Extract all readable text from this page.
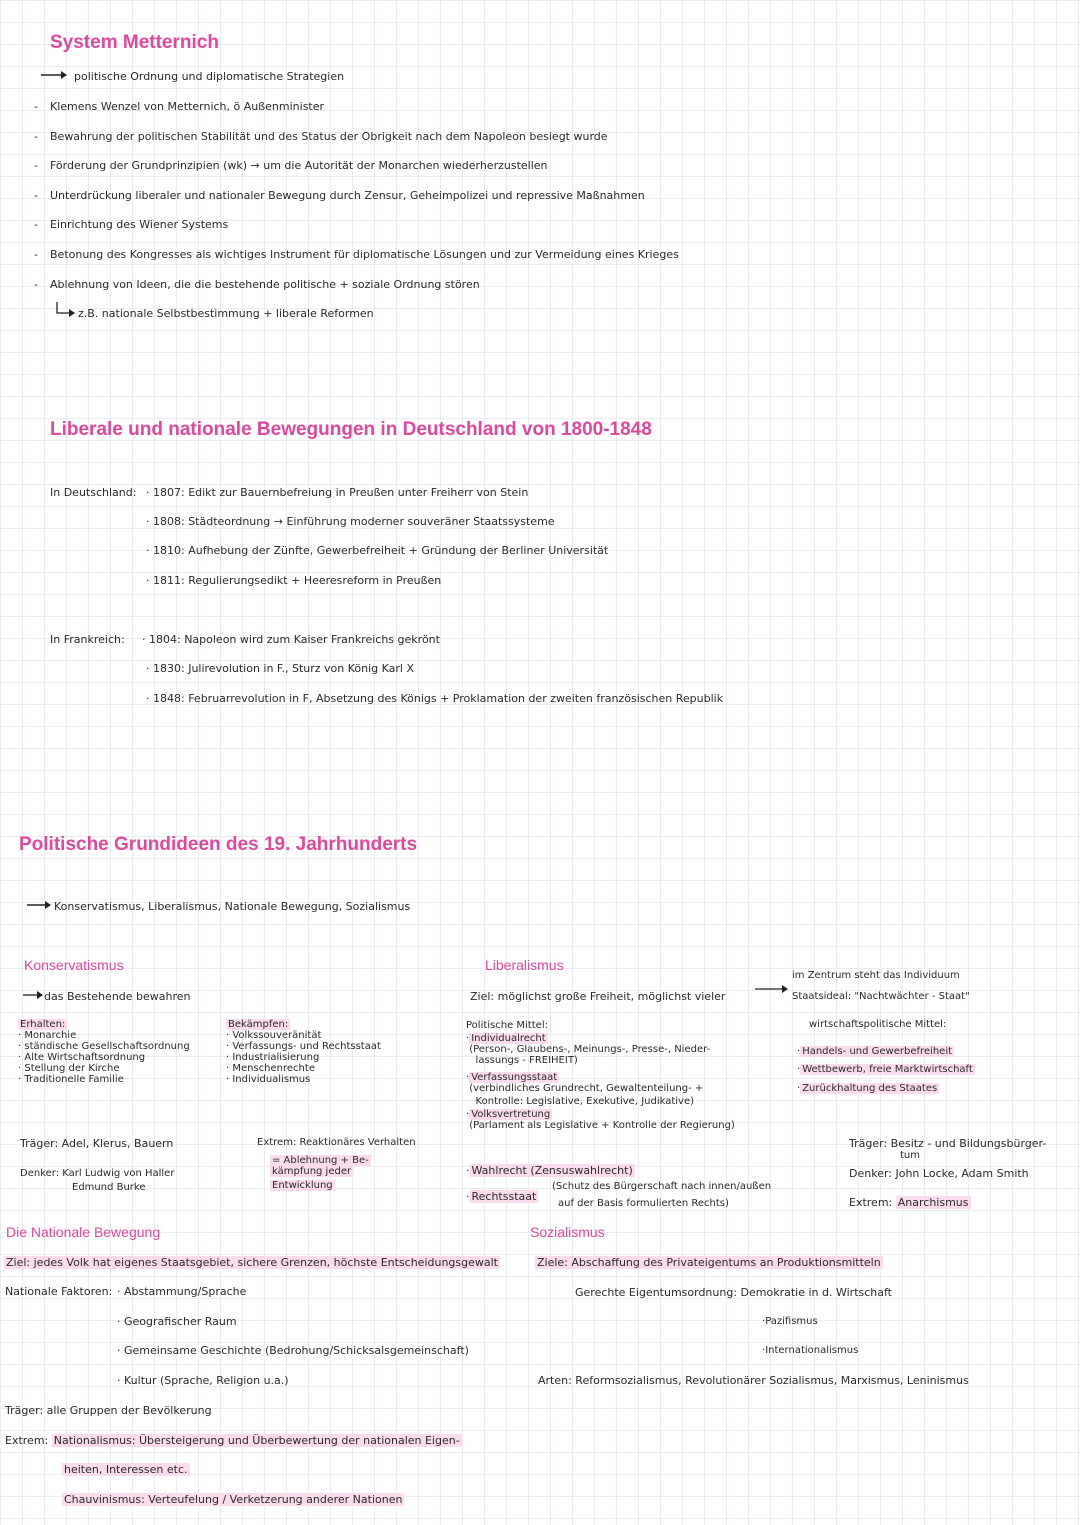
System Metternich
politische Ordnung und diplomatische Strategien
- Klemens Wenzel von Metternich, ö Außenminister
- Bewahrung der politischen Stabilität und des Status der Obrigkeit nach dem Napoleon besiegt wurde
- Förderung der Grundprinzipien (wk) → um die Autorität der Monarchen wiederherzustellen
- Unterdrückung liberaler und nationaler Bewegung durch Zensur, Geheimpolizei und repressive Maßnahmen
- Einrichtung des Wiener Systems
- Betonung des Kongresses als wichtiges Instrument für diplomatische Lösungen und zur Vermeidung eines Krieges
- Ablehnung von Ideen, die die bestehende politische + soziale Ordnung stören
z.B. nationale Selbstbestimmung + liberale Reformen
Liberale und nationale Bewegungen in Deutschland von 1800-1848
In Deutschland: · 1807: Edikt zur Bauernbefreiung in Preußen unter Freiherr von Stein
· 1808: Städteordnung → Einführung moderner souveräner Staatssysteme
· 1810: Aufhebung der Zünfte, Gewerbefreiheit + Gründung der Berliner Universität
· 1811: Regulierungsedikt + Heeresreform in Preußen
In Frankreich: · 1804: Napoleon wird zum Kaiser Frankreichs gekrönt
· 1830: Julirevolution in F., Sturz von König Karl X
· 1848: Februarrevolution in F, Absetzung des Königs + Proklamation der zweiten französischen Republik
Politische Grundideen des 19. Jahrhunderts
Konservatismus, Liberalismus, Nationale Bewegung, Sozialismus
Konservatismus
das Bestehende bewahren
Erhalten:
· Monarchie
· ständische Gesellschaftsordnung
· Alte Wirtschaftsordnung
· Stellung der Kirche
· Traditionelle Familie
Bekämpfen:
· Volkssouveränität
· Verfassungs- und Rechtsstaat
· Industrialisierung
· Menschenrechte
· Individualismus
Träger: Adel, Klerus, Bauern
Denker: Karl Ludwig von Haller
Edmund Burke
Extrem: Reaktionäres Verhalten
= Ablehnung + Be-
kämpfung jeder
Entwicklung
Liberalismus
Ziel: möglichst große Freiheit, möglichst vieler
im Zentrum steht das Individuum
Staatsideal: "Nachtwächter - Staat"
Politische Mittel:
· Individualrecht
(Person-, Glaubens-, Meinungs-, Presse-, Nieder-
lassungs - FREIHEIT)
· Verfassungsstaat
(verbindliches Grundrecht, Gewaltenteilung- +
Kontrolle: Legislative, Exekutive, Judikative)
· Volksvertretung
(Parlament als Legislative + Kontrolle der Regierung)
· Wahlrecht (Zensuswahlrecht)
· Rechtsstaat
(Schutz des Bürgerschaft nach innen/außen
auf der Basis formulierten Rechts)
wirtschaftspolitische Mittel:
· Handels- und Gewerbefreiheit
· Wettbewerb, freie Marktwirtschaft
· Zurückhaltung des Staates
Träger: Besitz - und Bildungsbürger-
tum
Denker: John Locke, Adam Smith
Extrem: Anarchismus
Die Nationale Bewegung
Ziel: jedes Volk hat eigenes Staatsgebiet, sichere Grenzen, höchste Entscheidungsgewalt
Nationale Faktoren: · Abstammung/Sprache
· Geografischer Raum
· Gemeinsame Geschichte (Bedrohung/Schicksalsgemeinschaft)
· Kultur (Sprache, Religion u.a.)
Träger: alle Gruppen der Bevölkerung
Extrem: Nationalismus: Übersteigerung und Überbewertung der nationalen Eigen-
heiten, Interessen etc.
Chauvinismus: Verteufelung / Verketzerung anderer Nationen
Sozialismus
Ziele: Abschaffung des Privateigentums an Produktionsmitteln
Gerechte Eigentumsordnung: Demokratie in d. Wirtschaft
·Pazifismus
·Internationalismus
Arten: Reformsozialismus, Revolutionärer Sozialismus, Marxismus, Leninismus
